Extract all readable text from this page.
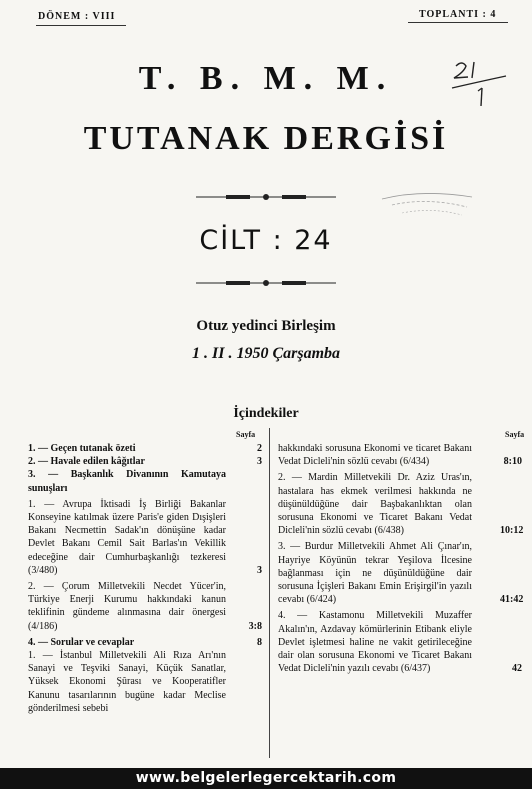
DÖNEM : VIII	TOPLANTI : 4
T. B. M. M.
TUTANAK DERGİSİ
CİLT : 24
Otuz yedinci Birleşim
1 . II . 1950 Çarşamba
İçindekiler
Sayfa	Sayfa
1. — Geçen tutanak özeti	2
2. — Havale edilen kâğıtlar	3
3. — Başkanlık Divanının Kamutaya sunuşları
1. — Avrupa İktisadi İş Birliği Bakanlar Konseyine katılmak üzere Paris'e giden Dışişleri Bakanı Necmettin Sadak'ın dönüşüne kadar Devlet Bakanı Cemil Sait Barlas'ın Vekillik edeceğine dair Cumhurbaşkanlığı tezkeresi (3/480)	3
2. — Çorum Milletvekili Necdet Yücer'in, Türkiye Enerji Kurumu hakkındaki kanun teklifinin gündeme alınmasına dair önergesi (4/186)	3:8
4. — Sorular ve cevaplar	8
1. — İstanbul Milletvekili Ali Rıza Arı'nın Sanayi ve Teşviki Sanayi, Küçük Sanatlar, Yüksek Ekonomi Şûrası ve Kooperatifler Kanunu tasarılarının bugüne kadar Meclise gönderilmesi sebebi
hakkındaki sorusuna Ekonomi ve ticaret Bakanı Vedat Dicleli'nin sözlü cevabı (6/434)	8:10
2. — Mardin Milletvekili Dr. Aziz Uras'ın, hastalara has ekmek verilmesi hakkında ne düşünüldüğüne dair Başbakanlıktan olan sorusuna Ekonomi ve Ticaret Bakanı Vedat Dicleli'nin sözlü cevabı (6/438)	10:12
3. — Burdur Milletvekili Ahmet Ali Çınar'ın, Hayriye Köyünün tekrar Yeşilova İlcesine bağlanması için ne düşünüldüğüne dair sorusuna İçişleri Bakanı Emin Erişirgil'in yazılı cevabı (6/424)	41:42
4. — Kastamonu Milletvekili Muzaffer Akalın'ın, Azdavay kömürlerinin Etibank eliyle Devlet işletmesi haline ne vakit getirileceğine dair olan sorusuna Ekonomi ve Ticaret Bakanı Vedat Dicleli'nin yazılı cevabı (6/437)	42
www.belgelerlegercektarih.com
